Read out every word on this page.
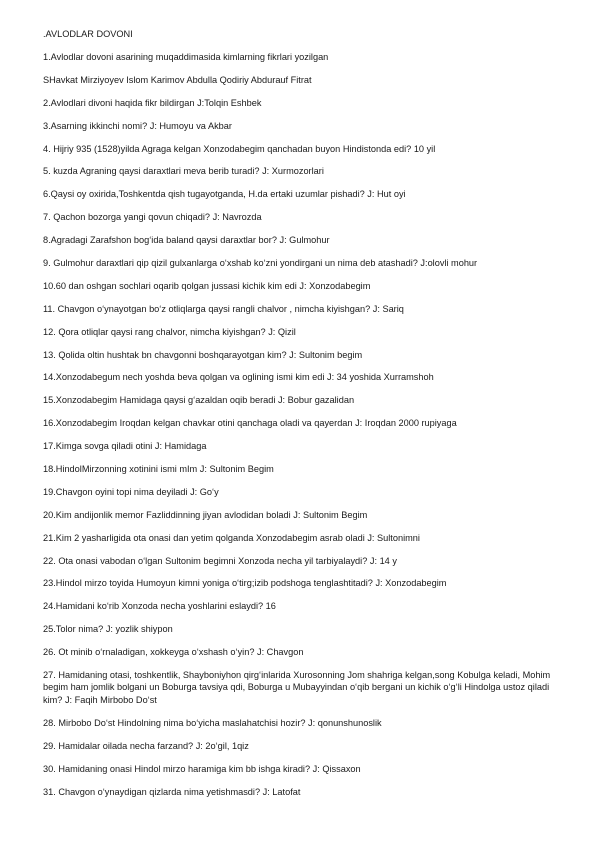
.AVLODLAR DOVONI

1.Avlodlar dovoni asarining muqaddimasida kimlarning fikrlari yozilgan

SHavkat Mirziyoyev Islom Karimov Abdulla Qodiriy Abdurauf Fitrat

2.Avlodlari divoni haqida fikr bildirgan J:Tolqin Eshbek

3.Asarning ikkinchi nomi? J: Humoyu va Akbar

4. Hijriy 935 (1528)yilda Agraga kelgan Xonzodabegim qanchadan buyon Hindistonda edi? 10 yil

5. kuzda Agraning qaysi daraxtlari meva berib turadi? J: Xurmozorlari

6.Qaysi oy oxirida,Toshkentda qish tugayotganda, H.da ertaki uzumlar pishadi? J: Hut oyi

7. Qachon bozorga yangi qovun chiqadi? J: Navrozda

8.Agradagi Zarafshon bog‘ida baland qaysi daraxtlar bor? J: Gulmohur

9. Gulmohur daraxtlari qip qizil gulxanlarga o‘xshab ko‘zni yondirgani un nima deb atashadi? J:olovli mohur

10.60 dan oshgan sochlari oqarib qolgan jussasi kichik kim edi J: Xonzodabegim

11. Chavgon o‘ynayotgan bo‘z otliqlarga qaysi rangli chalvor , nimcha kiyishgan? J: Sariq

12. Qora otliqlar qaysi rang chalvor, nimcha kiyishgan? J: Qizil

13. Qolida oltin hushtak bn chavgonni boshqarayotgan kim? J: Sultonim begim

14.Xonzodabegum nech yoshda beva qolgan va oglining ismi kim edi J: 34 yoshida Xurramshoh

15.Xonzodabegim Hamidaga qaysi g‘azaldan oqib beradi J: Bobur gazalidan

16.Xonzodabegim Iroqdan kelgan chavkar otini qanchaga oladi va qayerdan J: Iroqdan 2000 rupiyaga

17.Kimga sovga qiladi otini J: Hamidaga

18.HindolMirzonning xotinini ismi mIm J: Sultonim Begim

19.Chavgon oyini topi nima deyiladi J: Go‘y

20.Kim andijonlik memor Fazliddinning jiyan avlodidan boladi J: Sultonim Begim

21.Kim 2 yasharligida ota onasi dan yetim qolganda Xonzodabegim asrab oladi J: Sultonimni

22. Ota onasi vabodan o‘lgan Sultonim begimni Xonzoda necha yil tarbiyalaydi? J: 14 y

23.Hindol mirzo toyida Humoyun kimni yoniga o‘tirg;izib podshoga tenglashtitadi? J: Xonzodabegim

24.Hamidani ko‘rib Xonzoda necha yoshlarini eslaydi? 16

25.Tolor nima? J: yozlik shiypon

26. Ot minib o‘rnaladigan, xokkeyga o‘xshash o‘yin? J: Chavgon

27. Hamidaning otasi, toshkentlik, Shayboniyhon qirg‘inlarida Xurosonning Jom shahriga kelgan,song Kobulga keladi, Mohim begim ham jomlik bolgani un Boburga tavsiya qdi, Boburga u Mubayyindan o‘qib bergani un kichik o‘g‘li Hindolga ustoz qiladi kim? J: Faqih Mirbobo Do‘st

28. Mirbobo Do‘st Hindolning nima bo‘yicha maslahatchisi hozir? J: qonunshunoslik

29. Hamidalar oilada necha farzand? J: 2o‘gil, 1qiz

30. Hamidaning onasi Hindol mirzo haramiga kim bb ishga kiradi? J: Qissaxon

31. Chavgon o‘ynaydigan qizlarda nima yetishmasdi? J: Latofat
